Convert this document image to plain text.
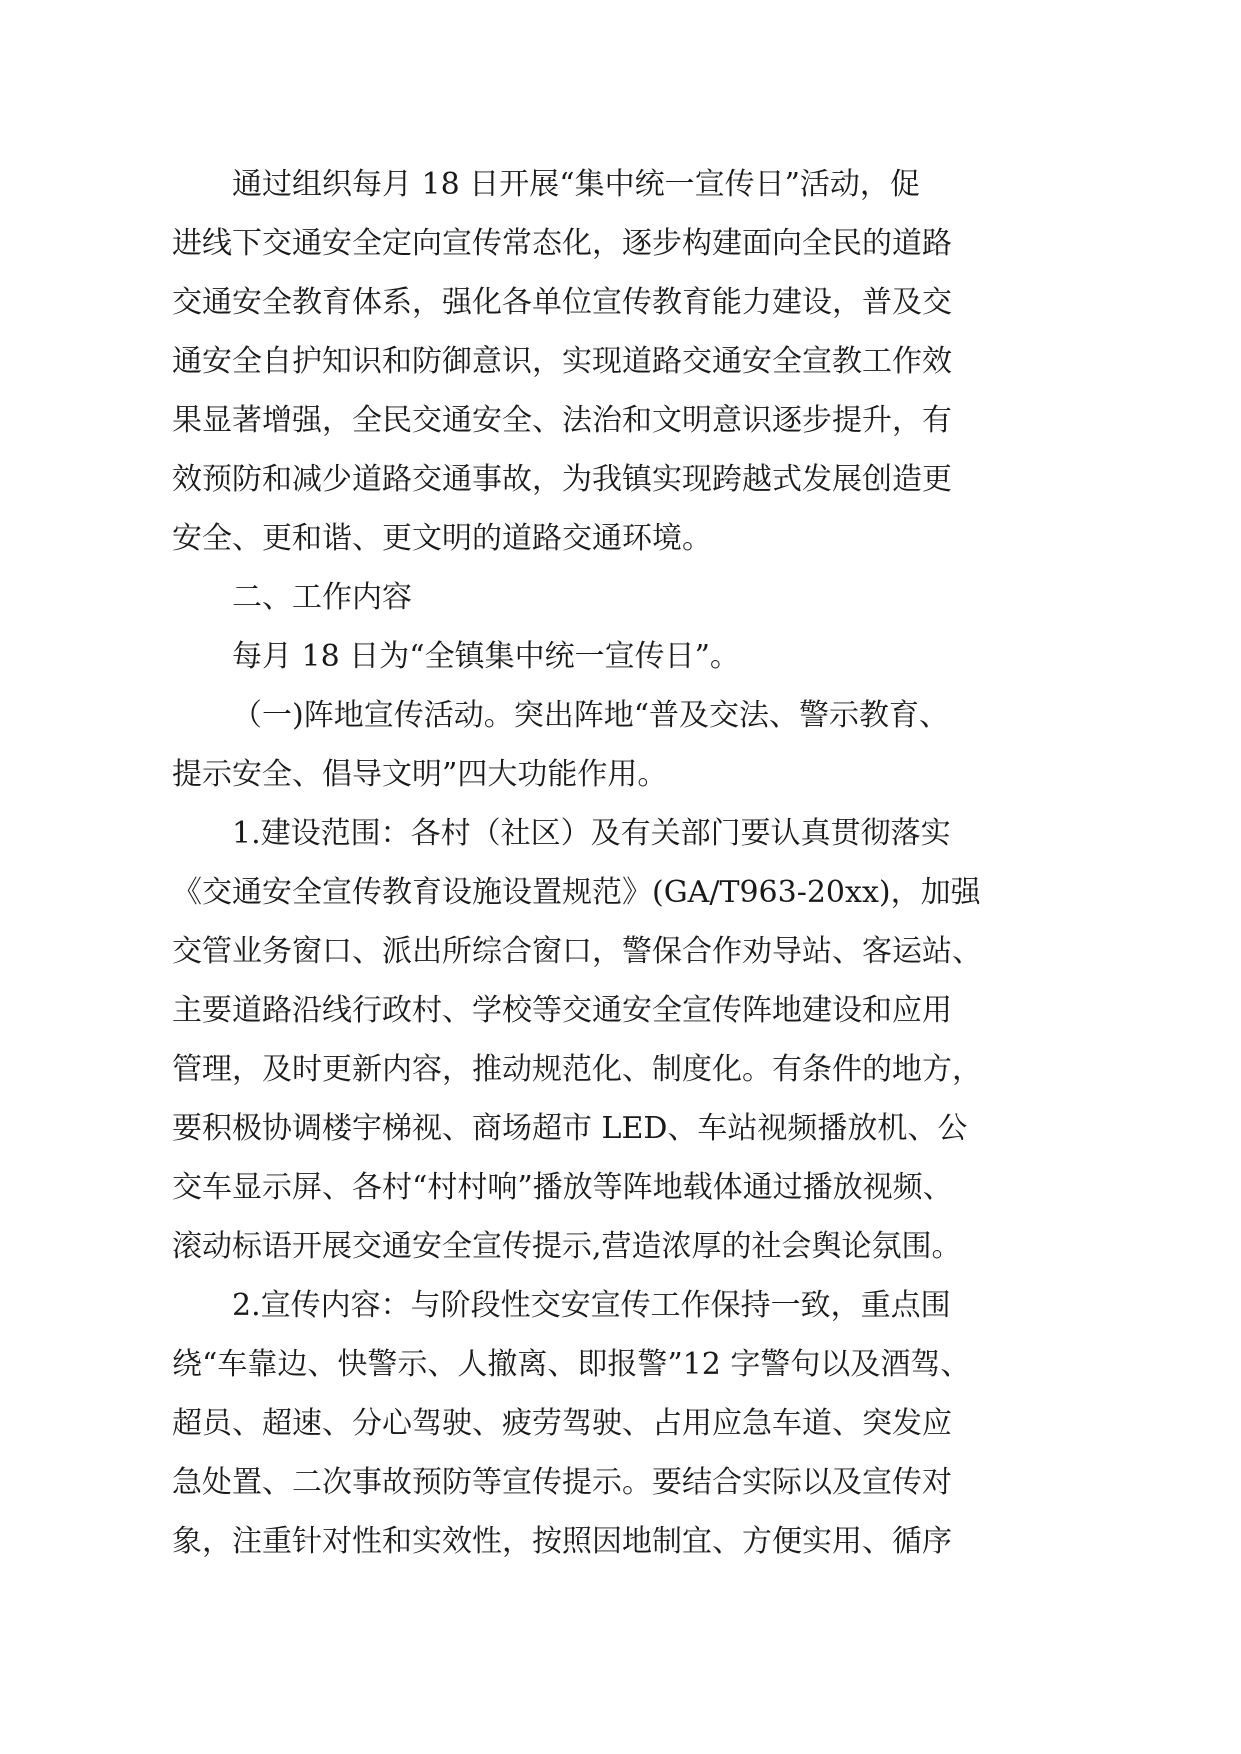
通过组织每月 18 日开展“集中统一宣传日”活动，促
进线下交通安全定向宣传常态化，逐步构建面向全民的道路
交通安全教育体系，强化各单位宣传教育能力建设，普及交
通安全自护知识和防御意识，实现道路交通安全宣教工作效
果显著增强，全民交通安全、法治和文明意识逐步提升，有
效预防和减少道路交通事故，为我镇实现跨越式发展创造更
安全、更和谐、更文明的道路交通环境。
二、工作内容
每月 18 日为“全镇集中统一宣传日”。
（一)阵地宣传活动。突出阵地“普及交法、警示教育、
提示安全、倡导文明”四大功能作用。
1.建设范围：各村（社区）及有关部门要认真贯彻落实
《交通安全宣传教育设施设置规范》(GA/T963-20xx)，加强
交管业务窗口、派出所综合窗口，警保合作劝导站、客运站、
主要道路沿线行政村、学校等交通安全宣传阵地建设和应用
管理，及时更新内容，推动规范化、制度化。有条件的地方，
要积极协调楼宇梯视、商场超市 LED、车站视频播放机、公
交车显示屏、各村“村村响”播放等阵地载体通过播放视频、
滚动标语开展交通安全宣传提示,营造浓厚的社会舆论氛围。
2.宣传内容：与阶段性交安宣传工作保持一致，重点围
绕“车靠边、快警示、人撤离、即报警”12 字警句以及酒驾、
超员、超速、分心驾驶、疲劳驾驶、占用应急车道、突发应
急处置、二次事故预防等宣传提示。要结合实际以及宣传对
象，注重针对性和实效性，按照因地制宜、方便实用、循序
